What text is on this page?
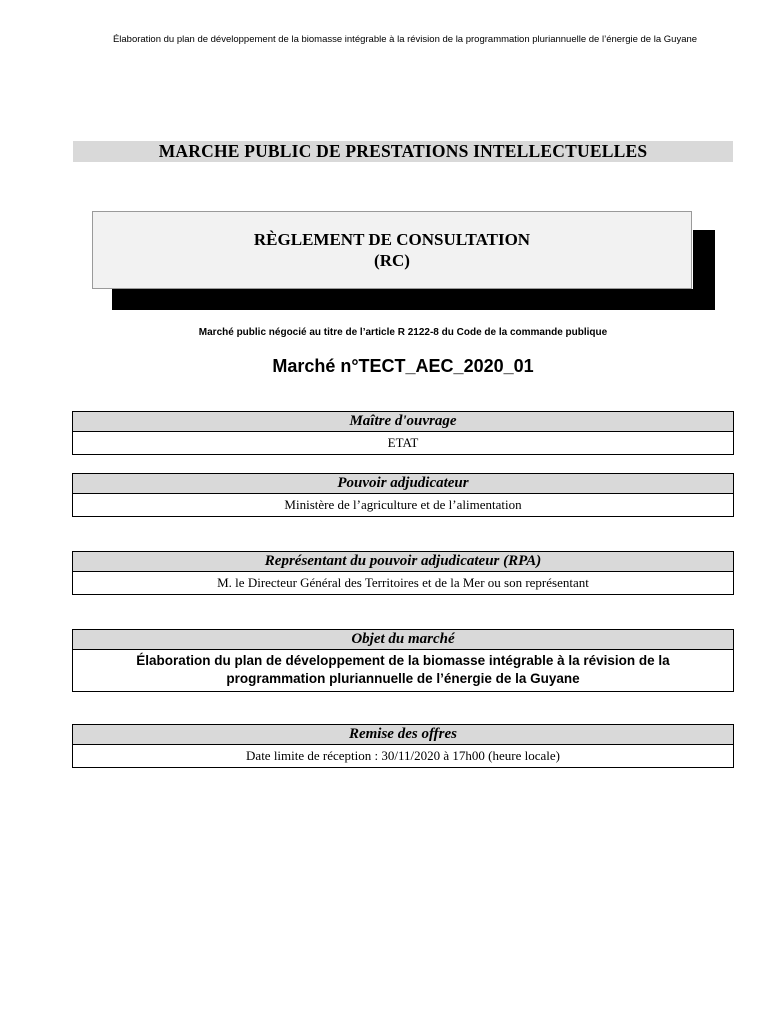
Élaboration du plan de développement de la biomasse intégrable à la révision de la programmation pluriannuelle de l’énergie de la Guyane
MARCHE PUBLIC DE PRESTATIONS INTELLECTUELLES
RÈGLEMENT DE CONSULTATION
(RC)
Marché public négocié au titre de l’article R 2122-8 du Code de la commande publique
Marché n°TECT_AEC_2020_01
Maître d'ouvrage
ETAT
Pouvoir adjudicateur
Ministère de l’agriculture et de l’alimentation
Représentant du pouvoir adjudicateur (RPA)
M. le Directeur Général des Territoires et de la Mer ou son représentant
Objet du marché
Élaboration du plan de développement de la biomasse intégrable à la révision de la programmation pluriannuelle de l’énergie de la Guyane
Remise des offres
Date limite de réception : 30/11/2020 à 17h00 (heure locale)
